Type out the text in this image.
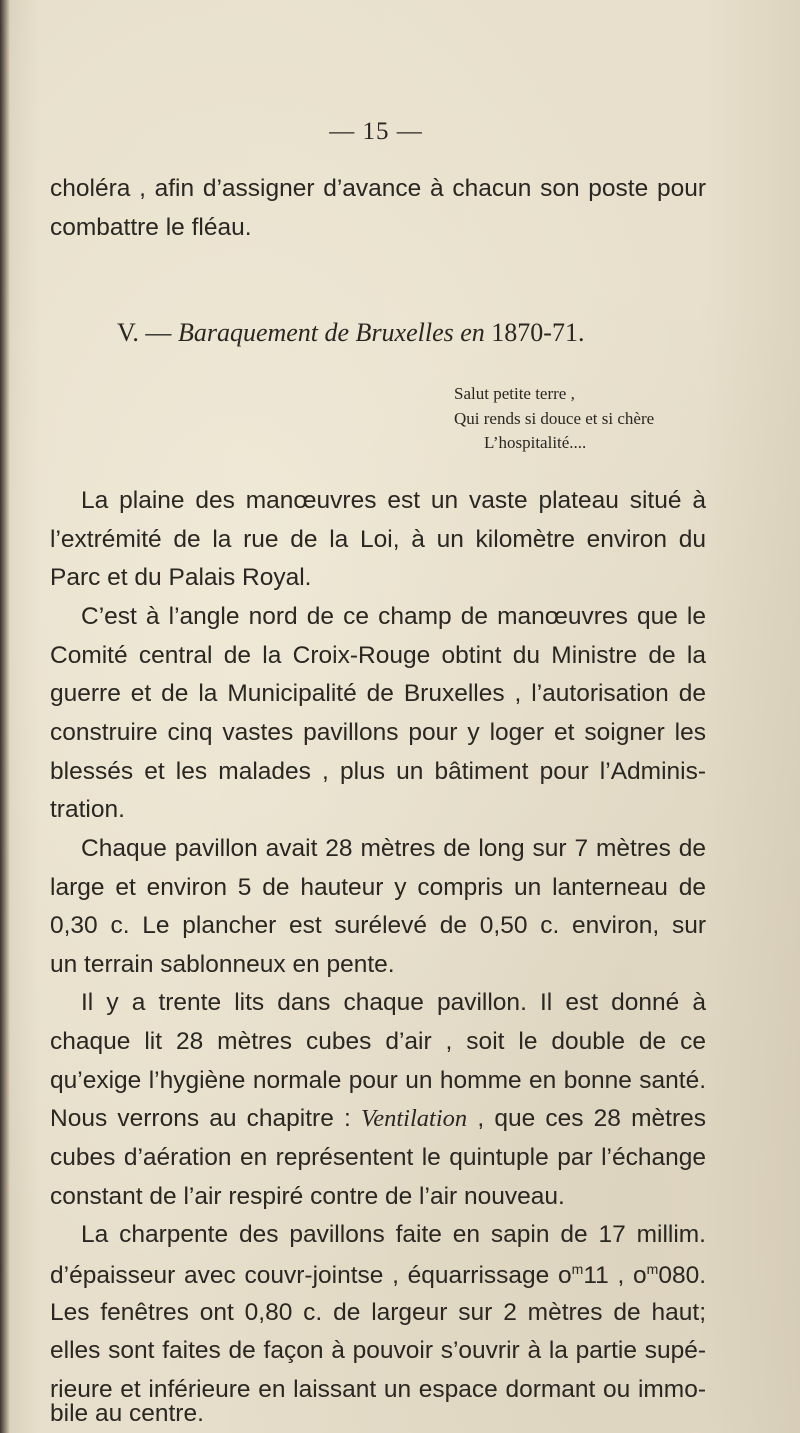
— 15 —
choléra , afin d’assigner d’avance à chacun son poste pour
combattre le fléau.
V. — Baraquement de Bruxelles en 1870-71.
Salut petite terre ,
Qui rends si douce et si chère
L’hospitalité....
La plaine des manœuvres est un vaste plateau situé à
l’extrémité de la rue de la Loi, à un kilomètre environ du
Parc et du Palais Royal.
C’est à l’angle nord de ce champ de manœuvres que le
Comité central de la Croix-Rouge obtint du Ministre de la
guerre et de la Municipalité de Bruxelles , l’autorisation de
construire cinq vastes pavillons pour y loger et soigner les
blessés et les malades , plus un bâtiment pour l’Adminis-
tration.
Chaque pavillon avait 28 mètres de long sur 7 mètres de
large et environ 5 de hauteur y compris un lanterneau de
0,30 c. Le plancher est surélevé de 0,50 c. environ, sur
un terrain sablonneux en pente.
Il y a trente lits dans chaque pavillon. Il est donné à
chaque lit 28 mètres cubes d’air , soit le double de ce
qu’exige l’hygiène normale pour un homme en bonne santé.
Nous verrons au chapitre : Ventilation , que ces 28 mètres
cubes d’aération en représentent le quintuple par l’échange
constant de l’air respiré contre de l’air nouveau.
La charpente des pavillons faite en sapin de 17 millim.
d’épaisseur avec couvr-jointse , équarrissage $o^m11$ , $o^m080$.
Les fenêtres ont 0,80 c. de largeur sur 2 mètres de haut;
elles sont faites de façon à pouvoir s’ouvrir à la partie supé-
rieure et inférieure en laissant un espace dormant ou immo-
bile au centre.
